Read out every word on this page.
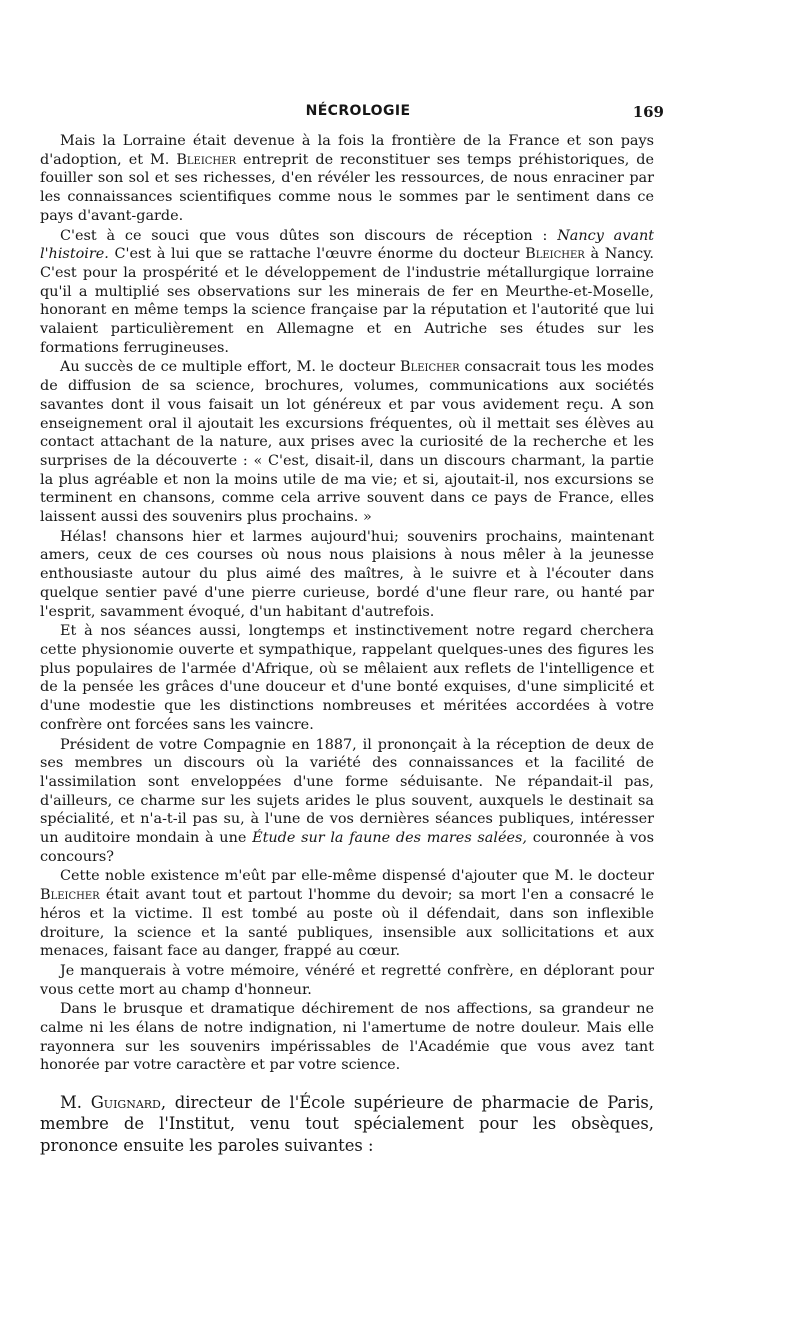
NÉCROLOGIE	169

Mais la Lorraine était devenue à la fois la frontière de la France et son pays d'adoption, et M. Bleicher entreprit de reconstituer ses temps préhistoriques, de fouiller son sol et ses richesses, d'en révéler les ressources, de nous enraciner par les connaissances scientifiques comme nous le sommes par le sentiment dans ce pays d'avant-garde.

C'est à ce souci que vous dûtes son discours de réception : Nancy avant l'histoire. C'est à lui que se rattache l'œuvre énorme du docteur Bleicher à Nancy. C'est pour la prospérité et le développement de l'industrie métallurgique lorraine qu'il a multiplié ses observations sur les minerais de fer en Meurthe-et-Moselle, honorant en même temps la science française par la réputation et l'autorité que lui valaient particulièrement en Allemagne et en Autriche ses études sur les formations ferrugineuses.

Au succès de ce multiple effort, M. le docteur Bleicher consacrait tous les modes de diffusion de sa science, brochures, volumes, communications aux sociétés savantes dont il vous faisait un lot généreux et par vous avidement reçu. A son enseignement oral il ajoutait les excursions fréquentes, où il mettait ses élèves au contact attachant de la nature, aux prises avec la curiosité de la recherche et les surprises de la découverte : « C'est, disait-il, dans un discours charmant, la partie la plus agréable et non la moins utile de ma vie; et si, ajoutait-il, nos excursions se terminent en chansons, comme cela arrive souvent dans ce pays de France, elles laissent aussi des souvenirs plus prochains. »

Hélas! chansons hier et larmes aujourd'hui; souvenirs prochains, maintenant amers, ceux de ces courses où nous nous plaisions à nous mêler à la jeunesse enthousiaste autour du plus aimé des maîtres, à le suivre et à l'écouter dans quelque sentier pavé d'une pierre curieuse, bordé d'une fleur rare, ou hanté par l'esprit, savamment évoqué, d'un habitant d'autrefois.

Et à nos séances aussi, longtemps et instinctivement notre regard cherchera cette physionomie ouverte et sympathique, rappelant quelques-unes des figures les plus populaires de l'armée d'Afrique, où se mêlaient aux reflets de l'intelligence et de la pensée les grâces d'une douceur et d'une bonté exquises, d'une simplicité et d'une modestie que les distinctions nombreuses et méritées accordées à votre confrère ont forcées sans les vaincre.

Président de votre Compagnie en 1887, il prononçait à la réception de deux de ses membres un discours où la variété des connaissances et la facilité de l'assimilation sont enveloppées d'une forme séduisante. Ne répandait-il pas, d'ailleurs, ce charme sur les sujets arides le plus souvent, auxquels le destinait sa spécialité, et n'a-t-il pas su, à l'une de vos dernières séances publiques, intéresser un auditoire mondain à une Étude sur la faune des mares salées, couronnée à vos concours?

Cette noble existence m'eût par elle-même dispensé d'ajouter que M. le docteur Bleicher était avant tout et partout l'homme du devoir; sa mort l'en a consacré le héros et la victime. Il est tombé au poste où il défendait, dans son inflexible droiture, la science et la santé publiques, insensible aux sollicitations et aux menaces, faisant face au danger, frappé au cœur.

Je manquerais à votre mémoire, vénéré et regretté confrère, en déplorant pour vous cette mort au champ d'honneur.

Dans le brusque et dramatique déchirement de nos affections, sa grandeur ne calme ni les élans de notre indignation, ni l'amertume de notre douleur. Mais elle rayonnera sur les souvenirs impérissables de l'Académie que vous avez tant honorée par votre caractère et par votre science.

M. Guignard, directeur de l'École supérieure de pharmacie de Paris, membre de l'Institut, venu tout spécialement pour les obsèques, prononce ensuite les paroles suivantes :
